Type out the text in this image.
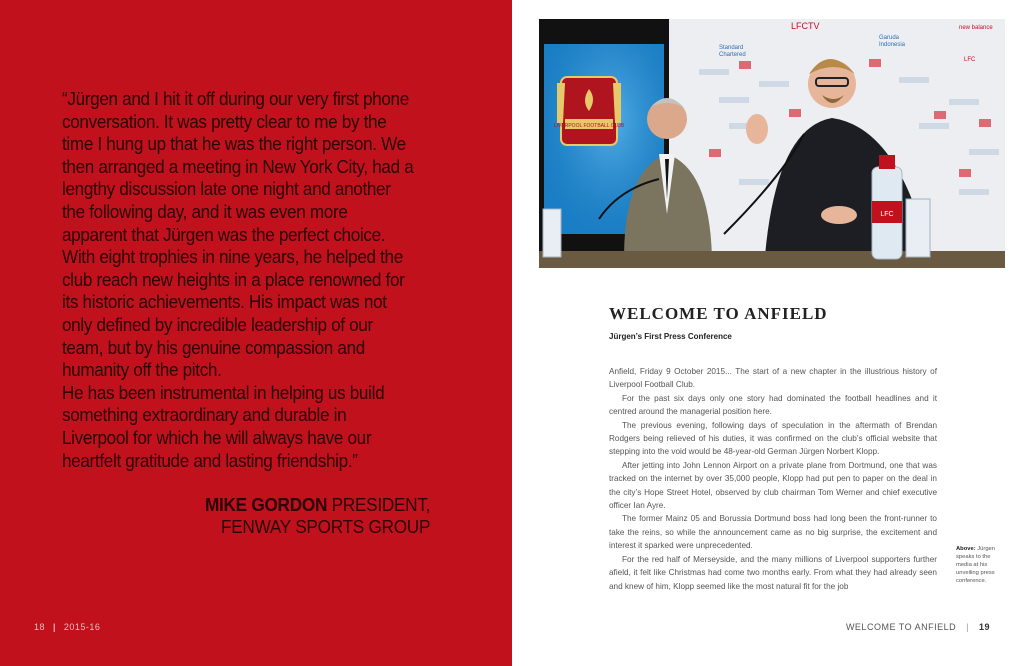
“Jürgen and I hit it off during our very first phone conversation. It was pretty clear to me by the time I hung up that he was the right person. We then arranged a meeting in New York City, had a lengthy discussion late one night and another the following day, and it was even more apparent that Jürgen was the perfect choice. With eight trophies in nine years, he helped the club reach new heights in a place renowned for its historic achievements. His impact was not only defined by incredible leadership of our team, but by his genuine compassion and humanity off the pitch.

He has been instrumental in helping us build something extraordinary and durable in Liverpool for which he will always have our heartfelt gratitude and lasting friendship.”

MIKE GORDON PRESIDENT,
FENWAY SPORTS GROUP
18 | 2015-16
LIVERPOOL FOOTBALL CLUB
LFCTV
Standard
Chartered
Garuda
Indonesia
new balance
LFC
LFC
WELCOME TO ANFIELD
Jürgen’s First Press Conference

Anfield, Friday 9 October 2015... The start of a new chapter in the illustrious history of Liverpool Football Club.

For the past six days only one story had dominated the football headlines and it centred around the managerial position here.

The previous evening, following days of speculation in the aftermath of Brendan Rodgers being relieved of his duties, it was confirmed on the club’s official website that stepping into the void would be 48-year-old German Jürgen Norbert Klopp.

After jetting into John Lennon Airport on a private plane from Dortmund, one that was tracked on the internet by over 35,000 people, Klopp had put pen to paper on the deal in the city’s Hope Street Hotel, observed by club chairman Tom Werner and chief executive officer Ian Ayre.

The former Mainz 05 and Borussia Dortmund boss had long been the front-runner to take the reins, so while the announcement came as no big surprise, the excitement and interest it sparked were unprecedented.

For the red half of Merseyside, and the many millions of Liverpool supporters further afield, it felt like Christmas had come two months early. From what they had already seen and knew of him, Klopp seemed like the most natural fit for the job

WELCOME TO ANFIELD | 19
Above: Jürgen speaks to the media at his unveiling press conference.
